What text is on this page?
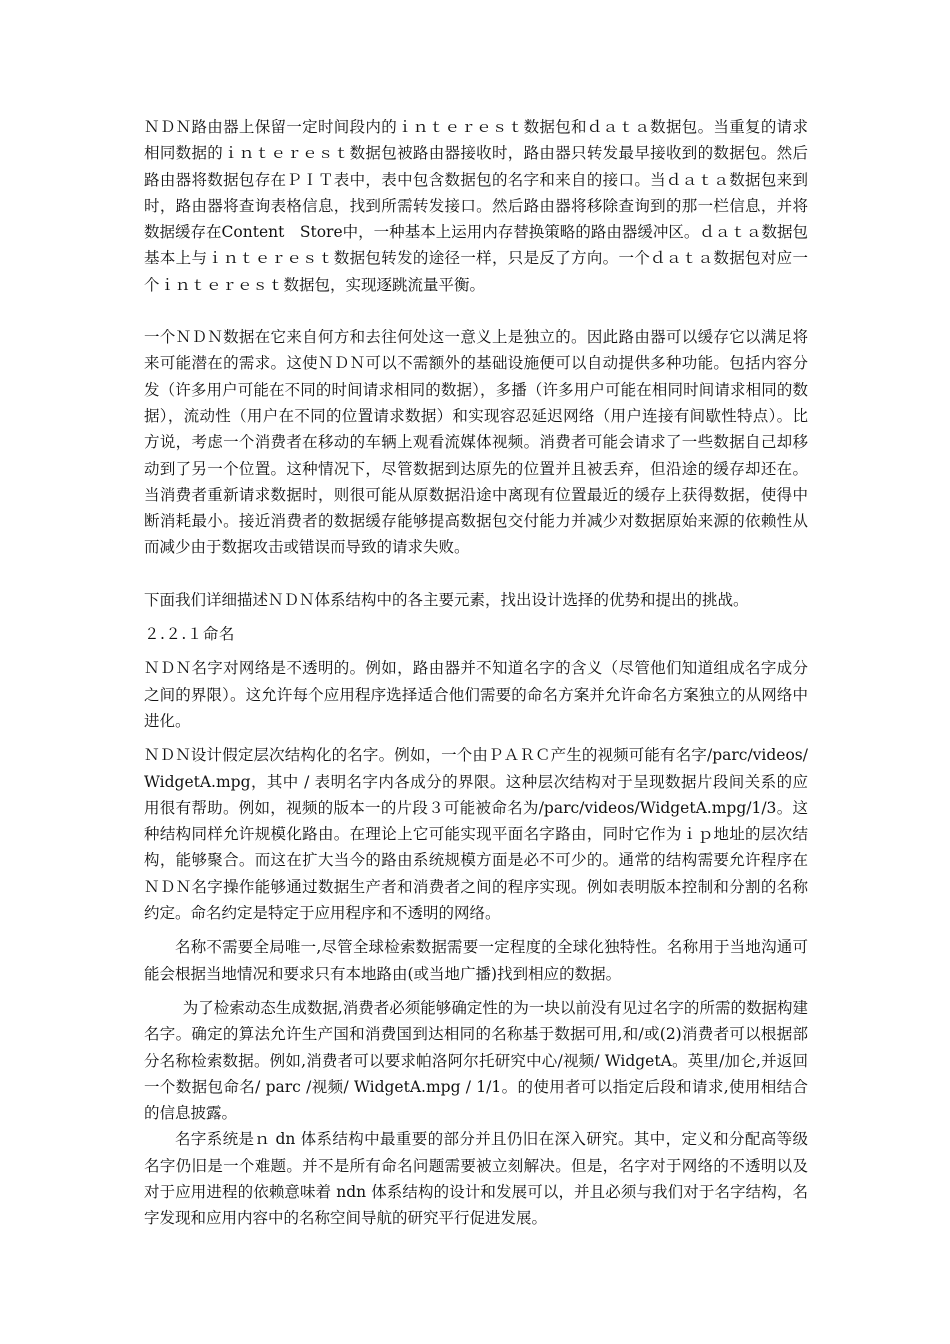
ＮＤＮ路由器上保留一定时间段内的ｉｎｔｅｒｅｓｔ数据包和ｄａｔａ数据包。当重复的请求相同数据的ｉｎｔｅｒｅｓｔ数据包被路由器接收时，路由器只转发最早接收到的数据包。然后路由器将数据包存在ＰＩＴ表中，表中包含数据包的名字和来自的接口。当ｄａｔａ数据包来到时，路由器将查询表格信息，找到所需转发接口。然后路由器将移除查询到的那一栏信息，并将数据缓存在Content　Store中，一种基本上运用内存替换策略的路由器缓冲区。ｄａｔａ数据包基本上与ｉｎｔｅｒｅｓｔ数据包转发的途径一样，只是反了方向。一个ｄａｔａ数据包对应一个ｉｎｔｅｒｅｓｔ数据包，实现逐跳流量平衡。

一个ＮＤＮ数据在它来自何方和去往何处这一意义上是独立的。因此路由器可以缓存它以满足将来可能潜在的需求。这使ＮＤＮ可以不需额外的基础设施便可以自动提供多种功能。包括内容分发（许多用户可能在不同的时间请求相同的数据），多播（许多用户可能在相同时间请求相同的数据），流动性（用户在不同的位置请求数据）和实现容忍延迟网络（用户连接有间歇性特点）。比方说，考虑一个消费者在移动的车辆上观看流媒体视频。消费者可能会请求了一些数据自己却移动到了另一个位置。这种情况下，尽管数据到达原先的位置并且被丢弃，但沿途的缓存却还在。当消费者重新请求数据时，则很可能从原数据沿途中离现有位置最近的缓存上获得数据，使得中断消耗最小。接近消费者的数据缓存能够提高数据包交付能力并减少对数据原始来源的依赖性从而减少由于数据攻击或错误而导致的请求失败。

下面我们详细描述ＮＤＮ体系结构中的各主要元素，找出设计选择的优势和提出的挑战。

２.２.１命名

ＮＤＮ名字对网络是不透明的。例如，路由器并不知道名字的含义（尽管他们知道组成名字成分之间的界限）。这允许每个应用程序选择适合他们需要的命名方案并允许命名方案独立的从网络中进化。

ＮＤＮ设计假定层次结构化的名字。例如，一个由ＰＡＲＣ产生的视频可能有名字/parc/videos/WidgetA.mpg，其中 / 表明名字内各成分的界限。这种层次结构对于呈现数据片段间关系的应用很有帮助。例如，视频的版本一的片段３可能被命名为/parc/videos/WidgetA.mpg/1/3。这种结构同样允许规模化路由。在理论上它可能实现平面名字路由，同时它作为ｉｐ地址的层次结构，能够聚合。而这在扩大当今的路由系统规模方面是必不可少的。通常的结构需要允许程序在ＮＤＮ名字操作能够通过数据生产者和消费者之间的程序实现。例如表明版本控制和分割的名称约定。命名约定是特定于应用程序和不透明的网络。

名称不需要全局唯一,尽管全球检索数据需要一定程度的全球化独特性。名称用于当地沟通可能会根据当地情况和要求只有本地路由(或当地广播)找到相应的数据。

为了检索动态生成数据,消费者必须能够确定性的为一块以前没有见过名字的所需的数据构建名字。确定的算法允许生产国和消费国到达相同的名称基于数据可用,和/或(2)消费者可以根据部分名称检索数据。例如,消费者可以要求帕洛阿尔托研究中心/视频/ WidgetA。英里/加仑,并返回一个数据包命名/ parc /视频/ WidgetA.mpg / 1/1。的使用者可以指定后段和请求,使用相结合的信息披露。

名字系统是ｎ dn 体系结构中最重要的部分并且仍旧在深入研究。其中，定义和分配高等级名字仍旧是一个难题。并不是所有命名问题需要被立刻解决。但是，名字对于网络的不透明以及对于应用进程的依赖意味着 ndn 体系结构的设计和发展可以，并且必须与我们对于名字结构，名字发现和应用内容中的名称空间导航的研究平行促进发展。
